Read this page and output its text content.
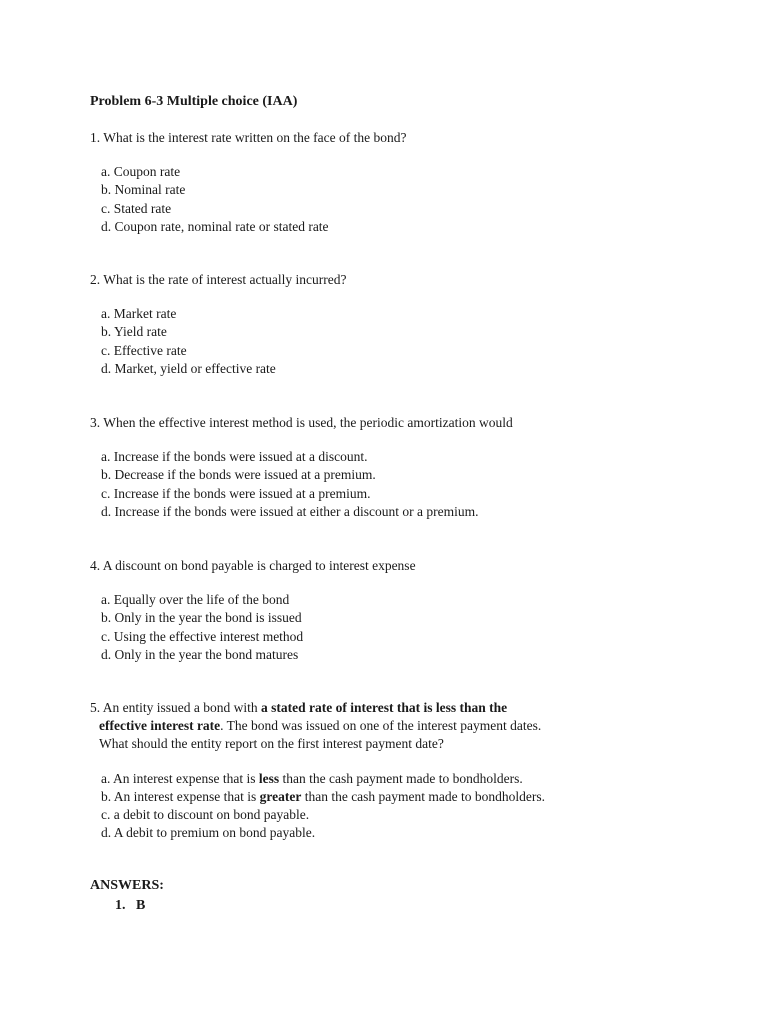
Problem 6-3 Multiple choice (IAA)
1. What is the interest rate written on the face of the bond?
a. Coupon rate
b. Nominal rate
c. Stated rate
d. Coupon rate, nominal rate or stated rate
2. What is the rate of interest actually incurred?
a. Market rate
b. Yield rate
c. Effective rate
d. Market, yield or effective rate
3. When the effective interest method is used, the periodic amortization would
a. Increase if the bonds were issued at a discount.
b. Decrease if the bonds were issued at a premium.
c. Increase if the bonds were issued at a premium.
d. Increase if the bonds were issued at either a discount or a premium.
4. A discount on bond payable is charged to interest expense
a. Equally over the life of the bond
b. Only in the year the bond is issued
c. Using the effective interest method
d. Only in the year the bond matures
5. An entity issued a bond with a stated rate of interest that is less than the
effective interest rate. The bond was issued on one of the interest payment dates.
What should the entity report on the first interest payment date?
a. An interest expense that is less than the cash payment made to bondholders.
b. An interest expense that is greater than the cash payment made to bondholders.
c. a debit to discount on bond payable.
d. A debit to premium on bond payable.
ANSWERS:
1. B
